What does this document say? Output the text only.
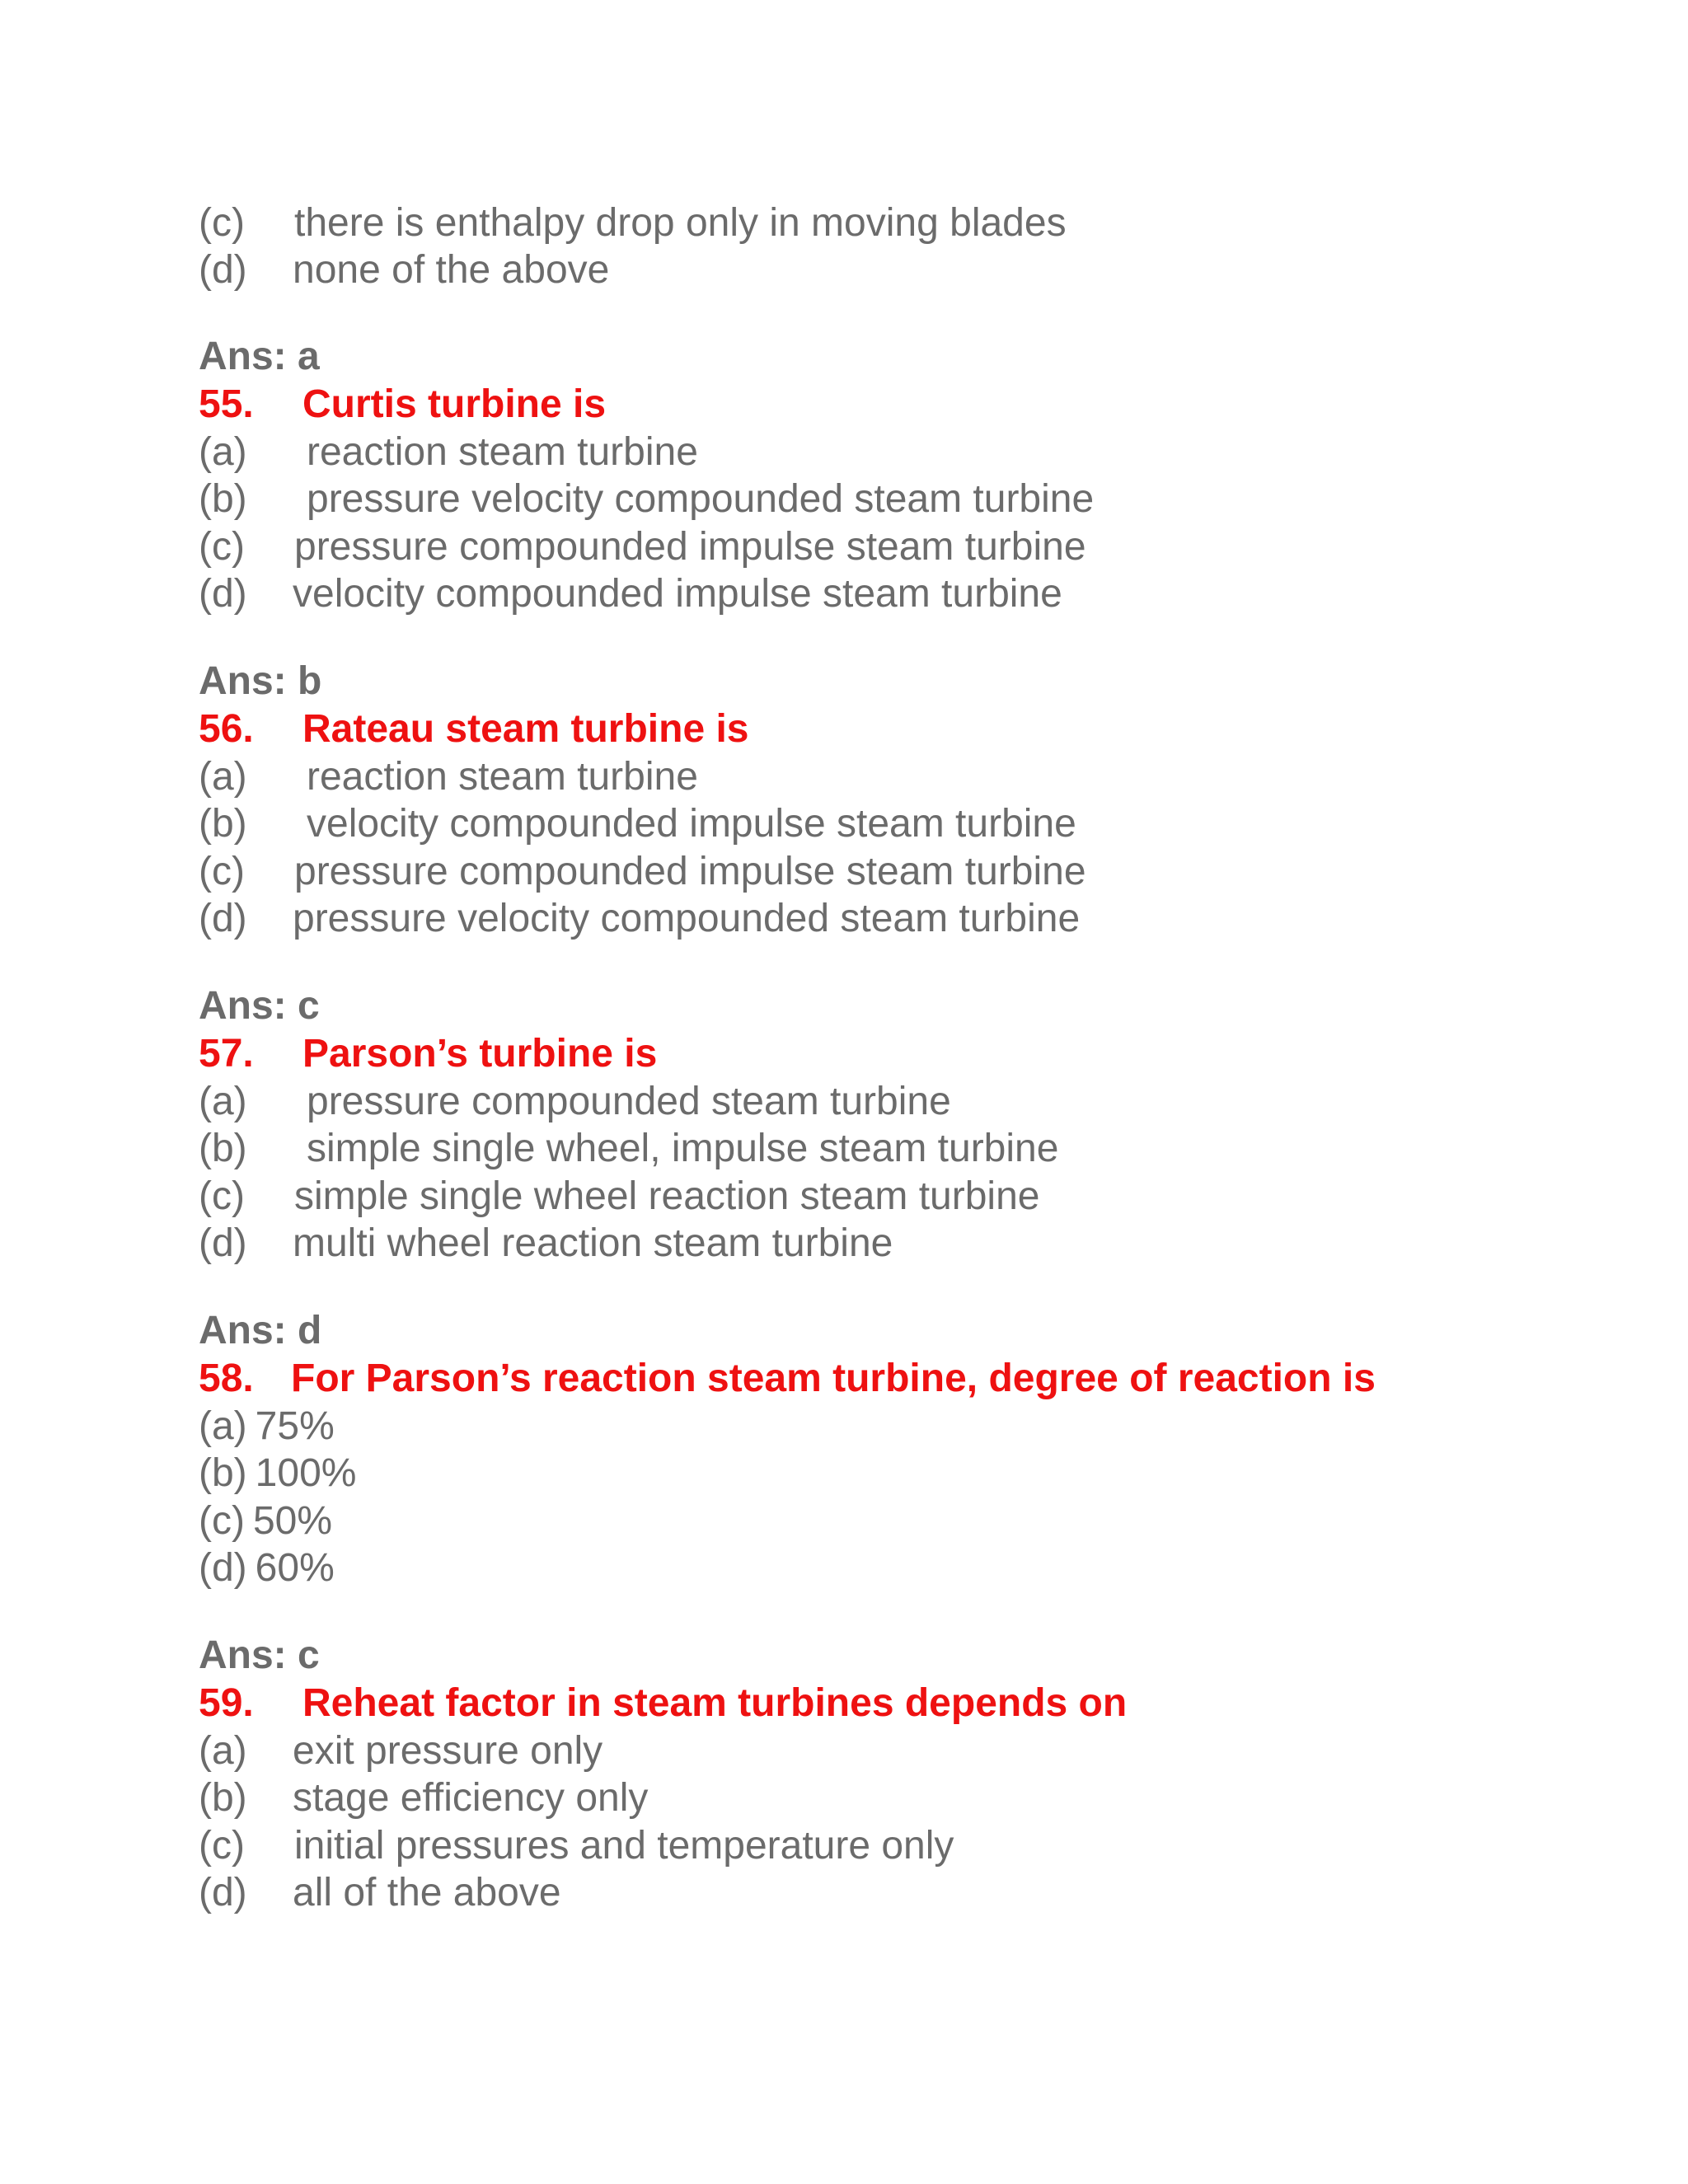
(c) there is enthalpy drop only in moving blades
(d) none of the above
Ans: a
55. Curtis turbine is
(a) reaction steam turbine
(b) pressure velocity compounded steam turbine
(c) pressure compounded impulse steam turbine
(d) velocity compounded impulse steam turbine
Ans: b
56. Rateau steam turbine is
(a) reaction steam turbine
(b) velocity compounded impulse steam turbine
(c) pressure compounded impulse steam turbine
(d) pressure velocity compounded steam turbine
Ans: c
57. Parson’s turbine is
(a) pressure compounded steam turbine
(b) simple single wheel, impulse steam turbine
(c) simple single wheel reaction steam turbine
(d) multi wheel reaction steam turbine
Ans: d
58. For Parson’s reaction steam turbine, degree of reaction is
(a) 75%
(b) 100%
(c) 50%
(d) 60%
Ans: c
59. Reheat factor in steam turbines depends on
(a) exit pressure only
(b) stage efficiency only
(c) initial pressures and temperature only
(d) all of the above
